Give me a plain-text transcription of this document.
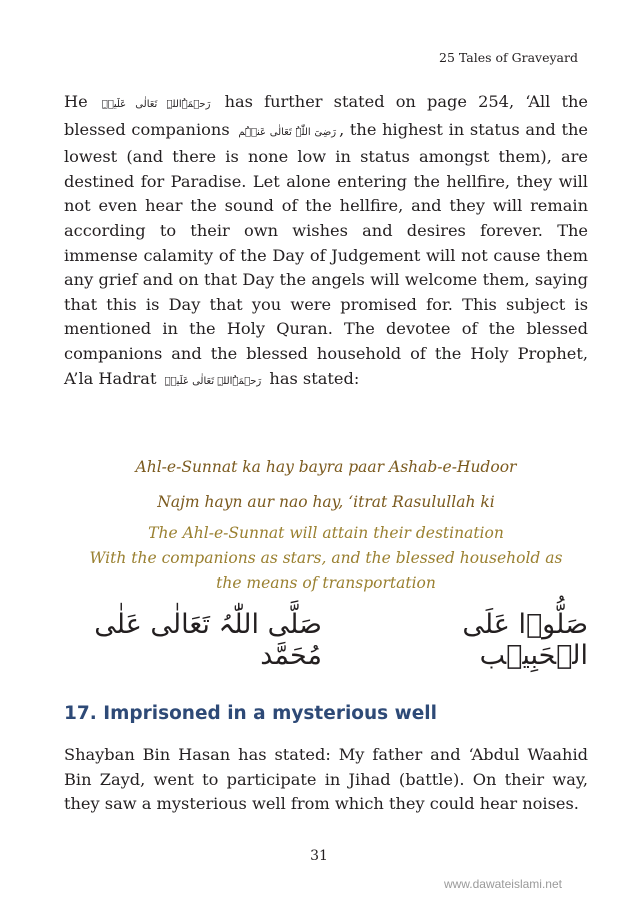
25 Tales of Graveyard
He رَحۡمَۃُاللہِ تَعَالٰی عَلَیۡہِ has further stated on page 254, ‘All the blessed companions رَضِیَ اللّٰہُ تَعَالٰی عَنۡہُم , the highest in status and the lowest (and there is none low in status amongst them), are destined for Paradise. Let alone entering the hellfire, they will not even hear the sound of the hellfire, and they will remain according to their own wishes and desires forever. The immense calamity of the Day of Judgement will not cause them any grief and on that Day the angels will welcome them, saying that this is Day that you were promised for. This subject is mentioned in the Holy Quran. The devotee of the blessed companions and the blessed household of the Holy Prophet, A’la Hadrat رَحۡمَۃُاللہِ تَعَالٰی عَلَیۡہِ has stated:
Ahl-e-Sunnat ka hay bayra paar Ashab-e-Hudoor
Najm hayn aur nao hay, ‘itrat Rasulullah ki
The Ahl-e-Sunnat will attain their destination
With the companions as stars, and the blessed household as
the means of transportation
صَلُّوۡا عَلَی الۡحَبِیۡب
صَلَّی اللّٰہُ تَعَالٰی عَلٰی مُحَمَّد
17. Imprisoned in a mysterious well
Shayban Bin Hasan has stated: My father and ‘Abdul Waahid Bin Zayd, went to participate in Jihad (battle). On their way, they saw a mysterious well from which they could hear noises.
31
www.dawateislami.net
